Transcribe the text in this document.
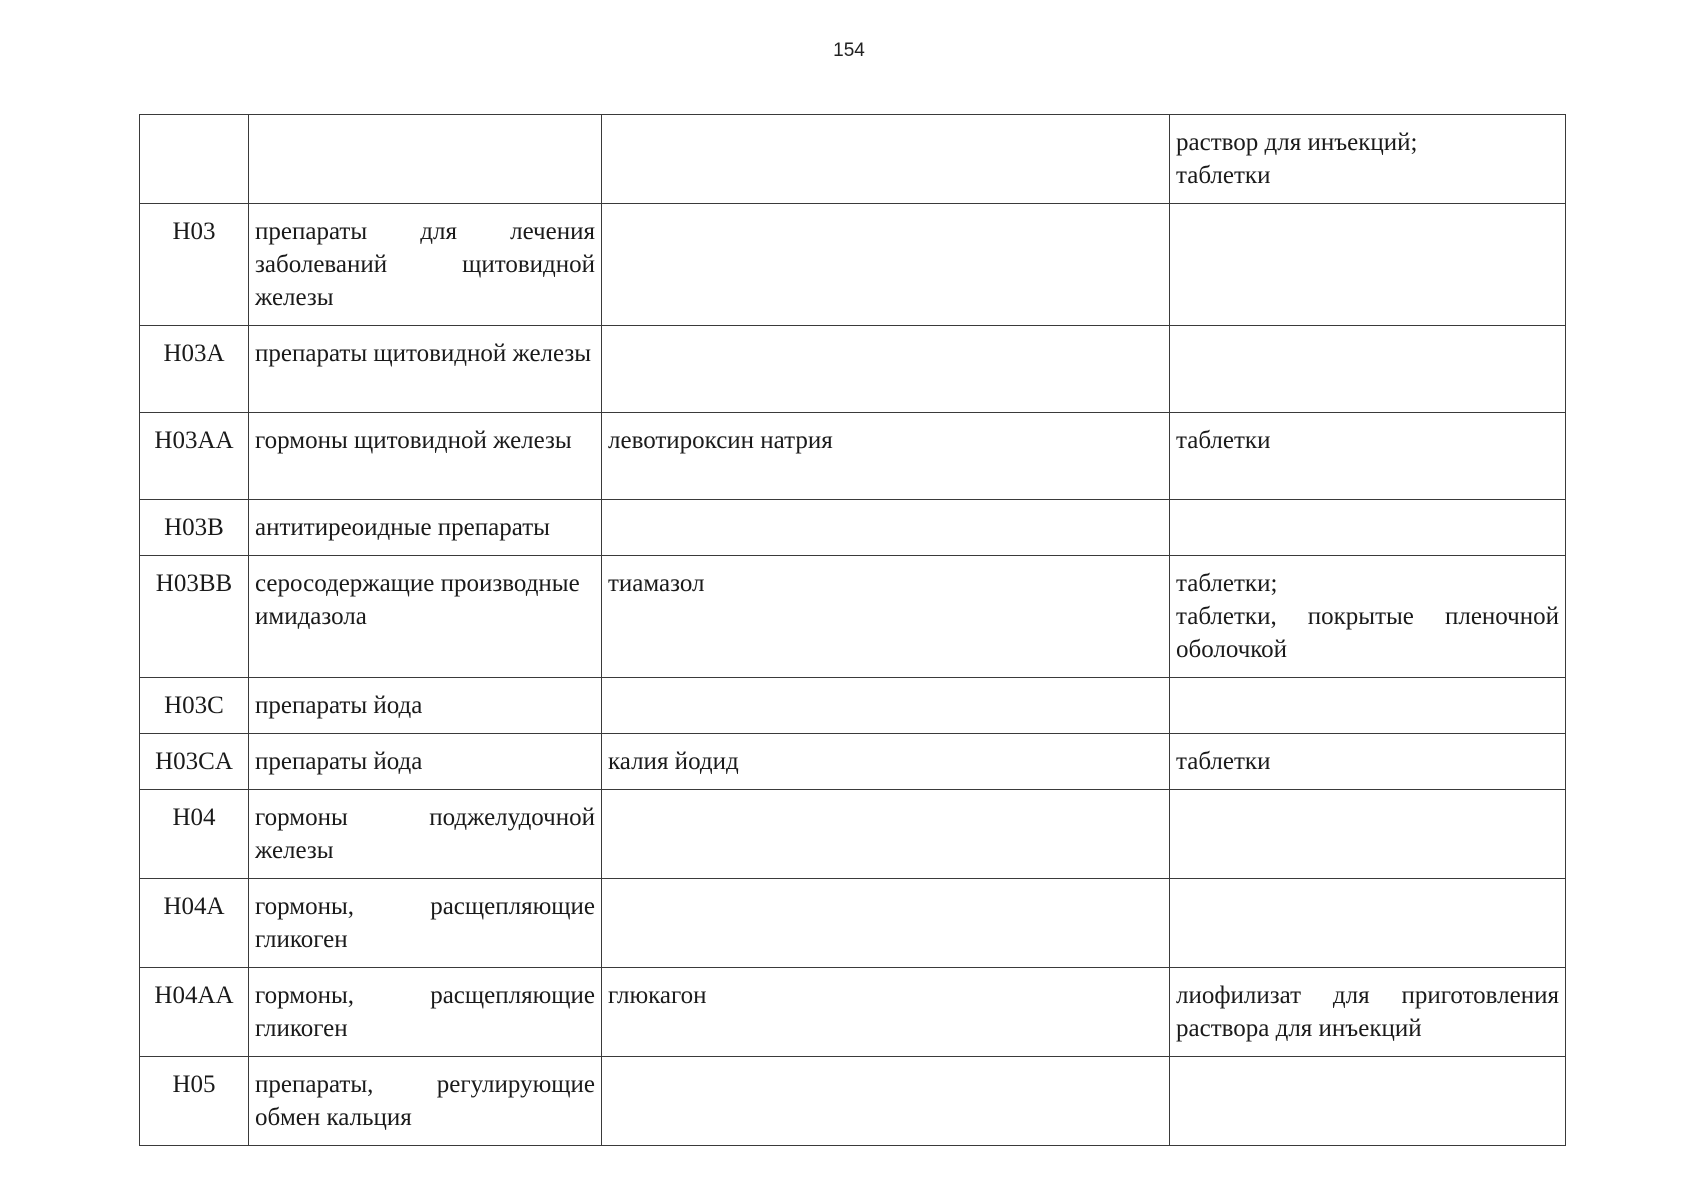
154

			раствор для инъекций;
таблетки

H03	препараты для лечения заболеваний щитовидной железы		
H03A	препараты щитовидной железы		
H03AA	гормоны щитовидной железы	левотироксин натрия	таблетки

H03B	антитиреоидные препараты		
H03BB	серосодержащие производные имидазола	тиамазол	таблетки;
таблетки, покрытые пленочной оболочкой

H03C	препараты йода		
H03CA	препараты йода	калия йодид	таблетки

H04	гормоны поджелудочной железы		
H04A	гормоны, расщепляющие гликоген		
H04AA	гормоны, расщепляющие гликоген	глюкагон	лиофилизат для приготовления раствора для инъекций

H05	препараты, регулирующие обмен кальция		
